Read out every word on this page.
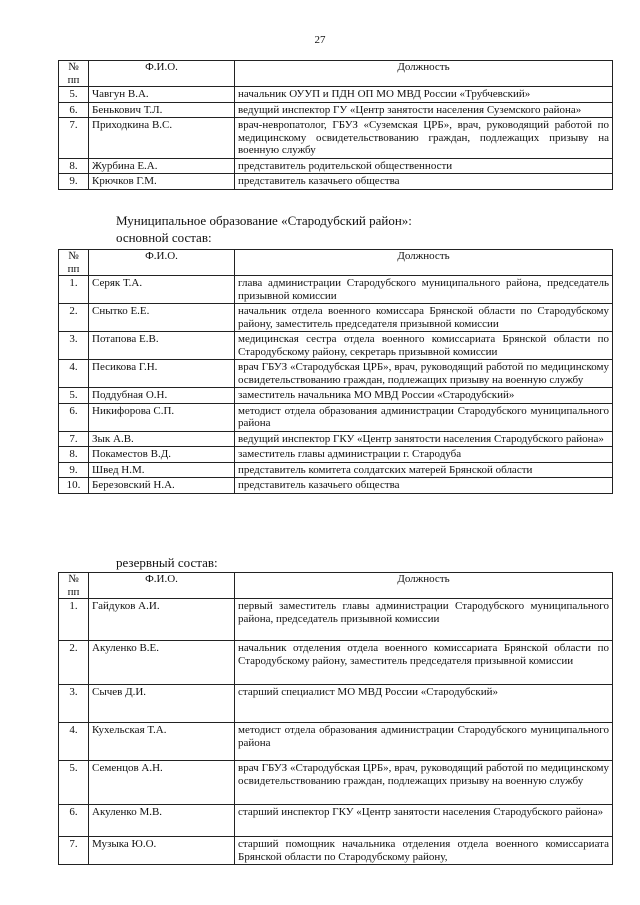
27
№ пп	Ф.И.О.	Должность
5.	Чавгун В.А.	начальник ОУУП и ПДН ОП МО МВД России «Трубчевский»
6.	Бенькович Т.Л.	ведущий инспектор ГУ «Центр занятости населения Суземского района»
7.	Приходкина В.С.	врач-невропатолог, ГБУЗ «Суземская ЦРБ», врач, руководящий работой по медицинскому освидетельствованию граждан, подлежащих призыву на военную службу
8.	Журбина Е.А.	представитель родительской общественности
9.	Крючков Г.М.	представитель казачьего общества
Муниципальное образование «Стародубский район»:
основной состав:
№ пп	Ф.И.О.	Должность
1.	Серяк Т.А.	глава администрации Стародубского муниципального района, председатель призывной комиссии
2.	Снытко Е.Е.	начальник отдела военного комиссара Брянской области по Стародубскому району, заместитель председателя призывной комиссии
3.	Потапова Е.В.	медицинская сестра отдела военного комиссариата Брянской области по Стародубскому району, секретарь призывной комиссии
4.	Песикова Г.Н.	врач ГБУЗ «Стародубская ЦРБ», врач, руководящий работой по медицинскому освидетельствованию граждан, подлежащих призыву на военную службу
5.	Поддубная О.Н.	заместитель начальника МО МВД России «Стародубский»
6.	Никифорова С.П.	методист отдела образования администрации Стародубского муниципального района
7.	Зык А.В.	ведущий инспектор ГКУ «Центр занятости населения Стародубского района»
8.	Покаместов В.Д.	заместитель главы администрации г. Стародуба
9.	Швед Н.М.	представитель комитета солдатских матерей Брянской области
10.	Березовский Н.А.	представитель казачьего общества
резервный состав:
№ пп	Ф.И.О.	Должность
1.	Гайдуков А.И.	первый заместитель главы администрации Стародубского муниципального района, председатель призывной комиссии
2.	Акуленко В.Е.	начальник отделения отдела военного комиссариата Брянской области по Стародубскому району, заместитель председателя призывной комиссии
3.	Сычев Д.И.	старший специалист МО МВД России «Стародубский»
4.	Кухельская Т.А.	методист отдела образования администрации Стародубского муниципального района
5.	Семенцов А.Н.	врач ГБУЗ «Стародубская ЦРБ», врач, руководящий работой по медицинскому освидетельствованию граждан, подлежащих призыву на военную службу
6.	Акуленко М.В.	старший инспектор ГКУ «Центр занятости населения Стародубского района»
7.	Музыка Ю.О.	старший помощник начальника отделения отдела военного комиссариата Брянской области по Стародубскому району,
